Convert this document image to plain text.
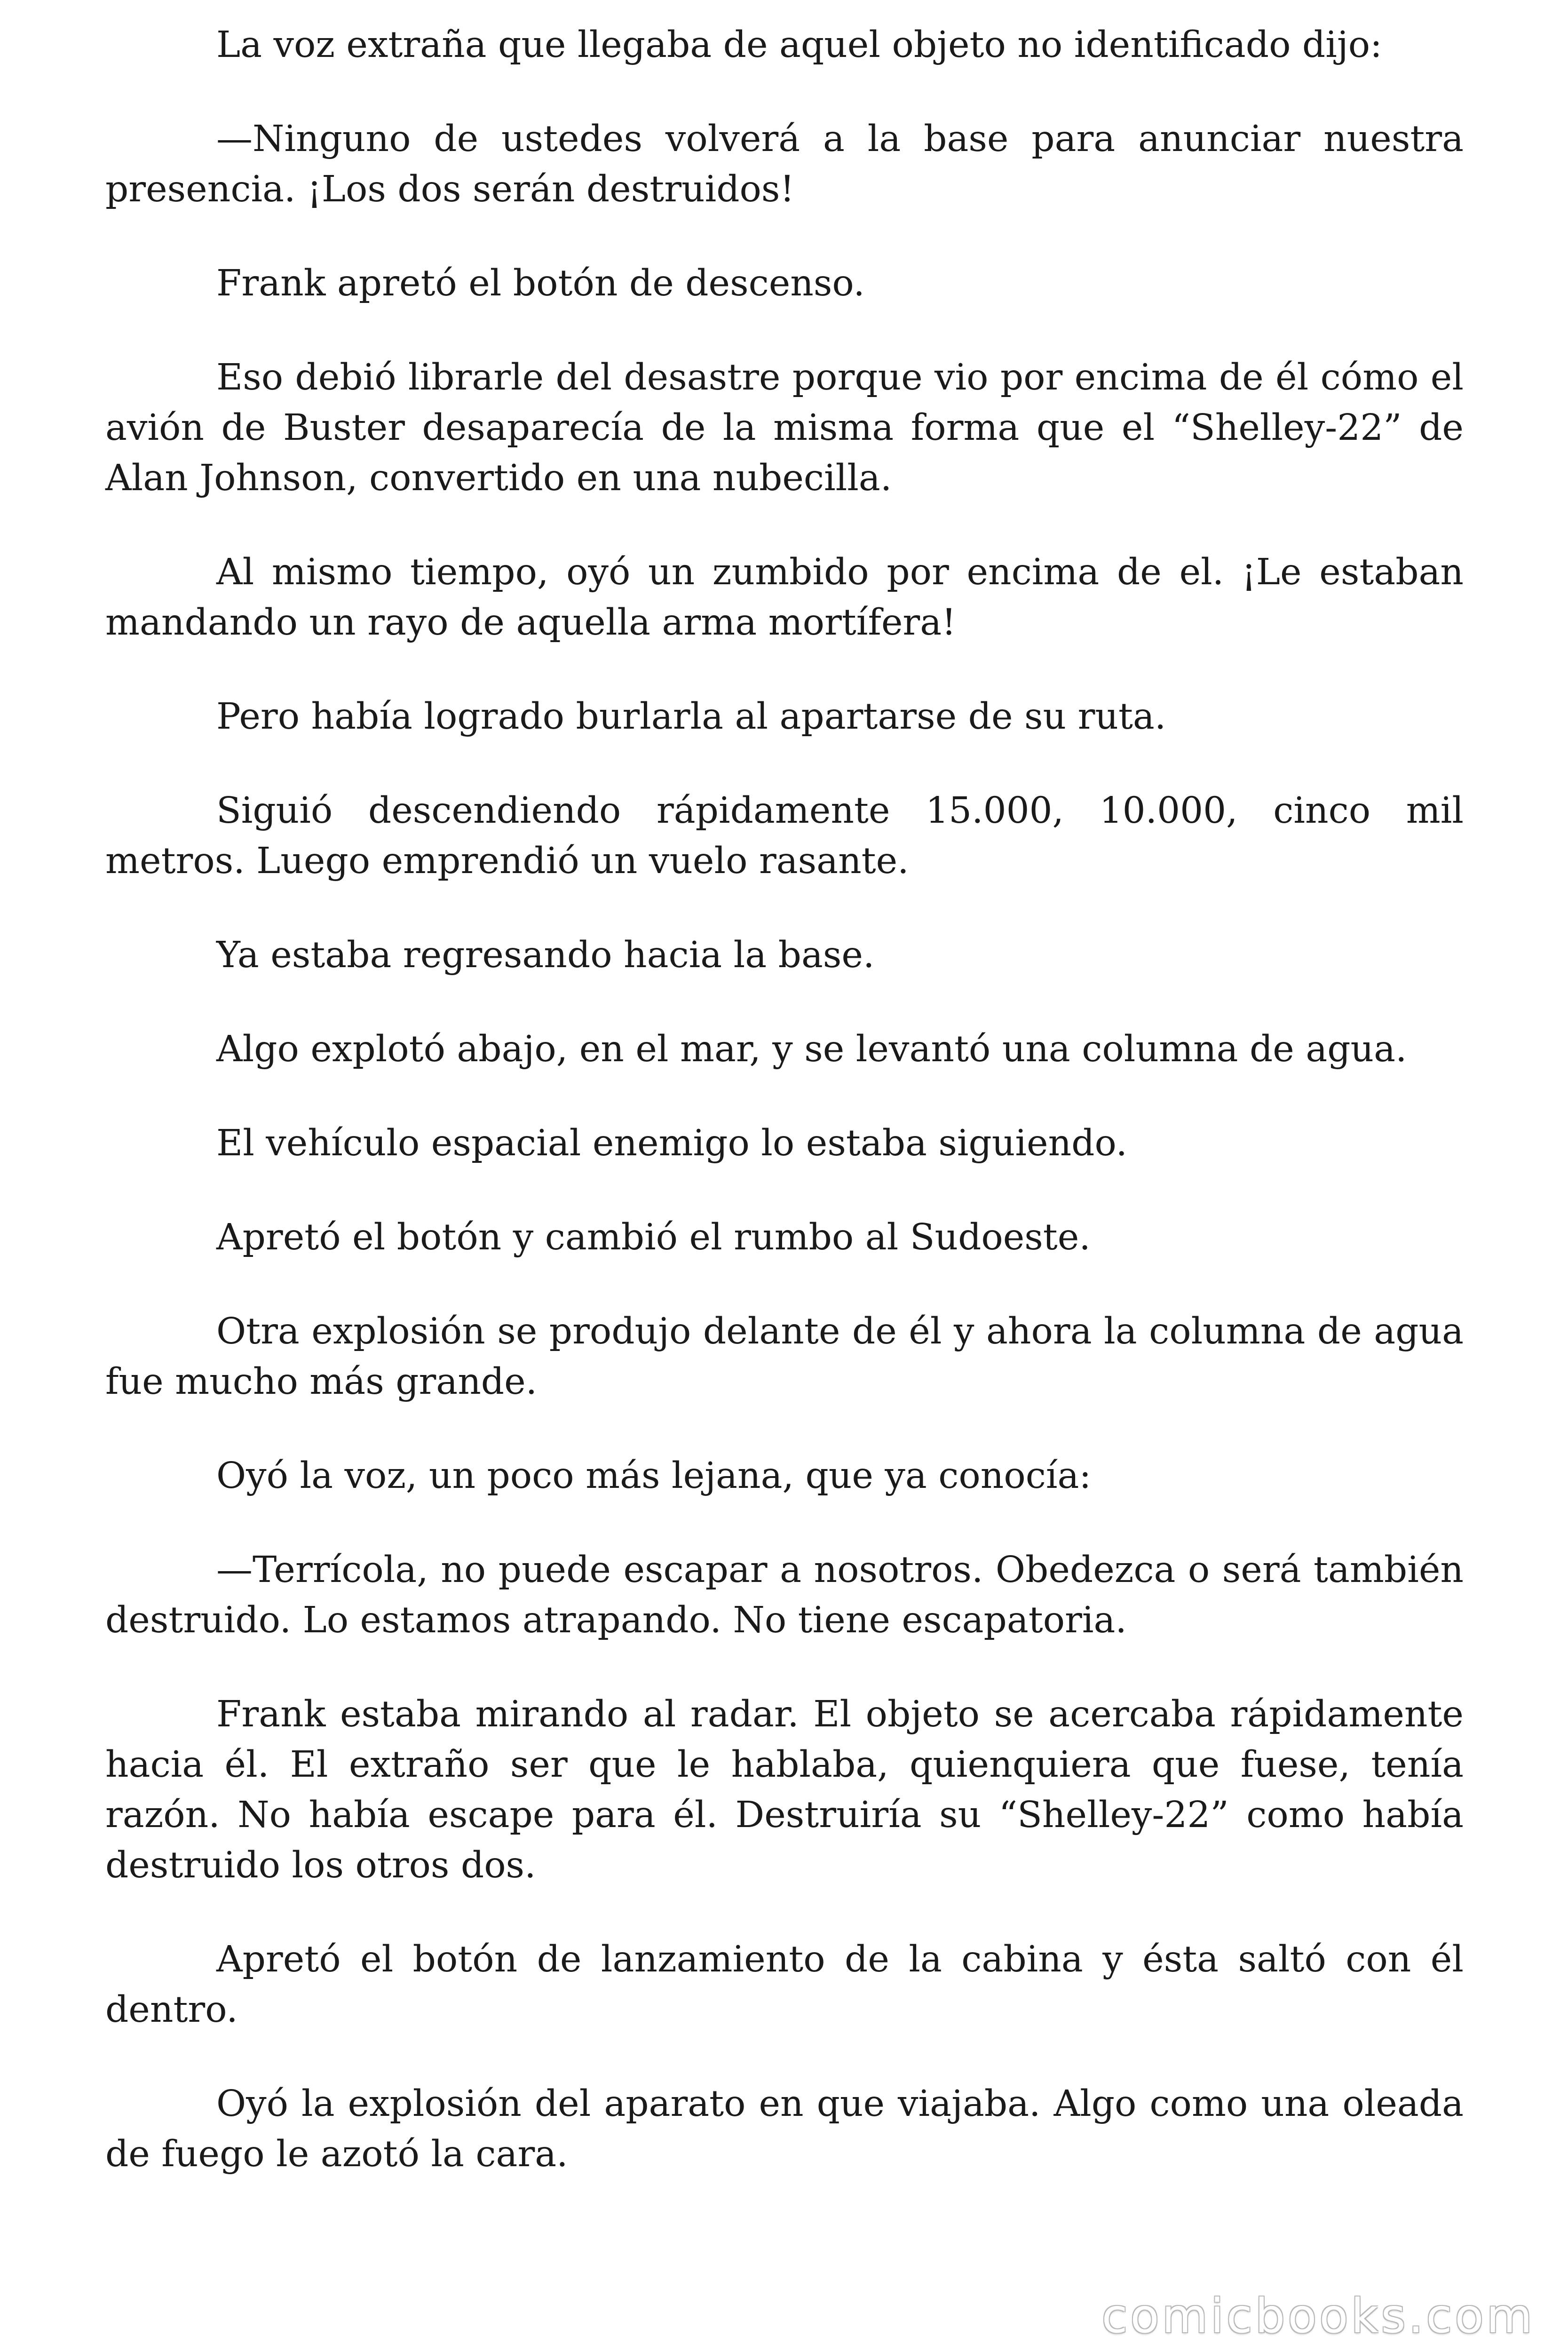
La voz extraña que llegaba de aquel objeto no identificado dijo:

—Ninguno de ustedes volverá a la base para anunciar nuestra presencia. ¡Los dos serán destruidos!

Frank apretó el botón de descenso.

Eso debió librarle del desastre porque vio por encima de él cómo el avión de Buster desaparecía de la misma forma que el “Shelley-22” de Alan Johnson, convertido en una nubecilla.

Al mismo tiempo, oyó un zumbido por encima de el. ¡Le estaban mandando un rayo de aquella arma mortífera!

Pero había logrado burlarla al apartarse de su ruta.

Siguió descendiendo rápidamente 15.000, 10.000, cinco mil metros. Luego emprendió un vuelo rasante.

Ya estaba regresando hacia la base.

Algo explotó abajo, en el mar, y se levantó una columna de agua.

El vehículo espacial enemigo lo estaba siguiendo.

Apretó el botón y cambió el rumbo al Sudoeste.

Otra explosión se produjo delante de él y ahora la columna de agua fue mucho más grande.

Oyó la voz, un poco más lejana, que ya conocía:

—Terrícola, no puede escapar a nosotros. Obedezca o será también destruido. Lo estamos atrapando. No tiene escapatoria.

Frank estaba mirando al radar. El objeto se acercaba rápidamente hacia él. El extraño ser que le hablaba, quienquiera que fuese, tenía razón. No había escape para él. Destruiría su “Shelley-22” como había destruido los otros dos.

Apretó el botón de lanzamiento de la cabina y ésta saltó con él dentro.

Oyó la explosión del aparato en que viajaba. Algo como una oleada de fuego le azotó la cara.

comicbooks.com
